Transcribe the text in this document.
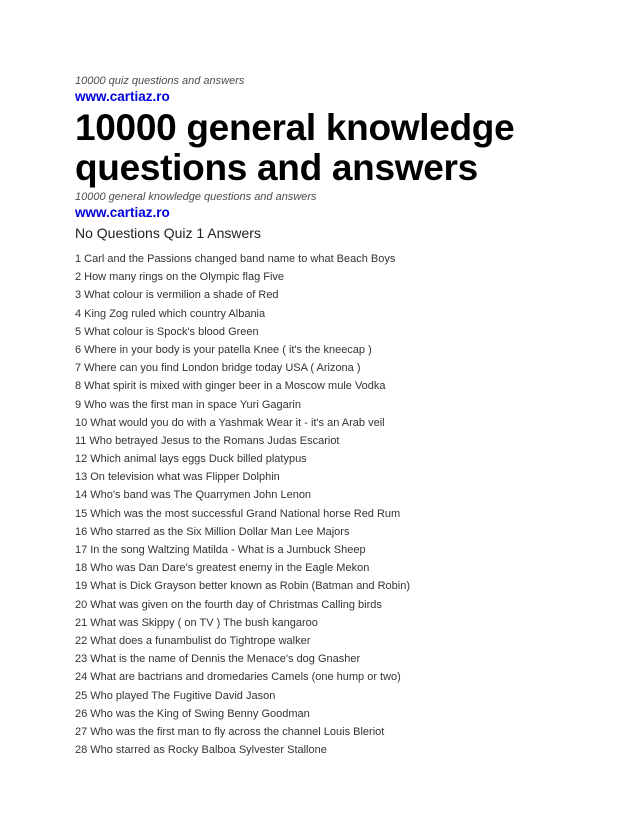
10000 quiz questions and answers
www.cartiaz.ro
10000 general knowledge questions and answers
10000 general knowledge questions and answers
www.cartiaz.ro
No Questions Quiz 1 Answers
1 Carl and the Passions changed band name to what Beach Boys
2 How many rings on the Olympic flag Five
3 What colour is vermilion a shade of Red
4 King Zog ruled which country Albania
5 What colour is Spock's blood Green
6 Where in your body is your patella Knee ( it's the kneecap )
7 Where can you find London bridge today USA ( Arizona )
8 What spirit is mixed with ginger beer in a Moscow mule Vodka
9 Who was the first man in space Yuri Gagarin
10 What would you do with a Yashmak Wear it - it's an Arab veil
11 Who betrayed Jesus to the Romans Judas Escariot
12 Which animal lays eggs Duck billed platypus
13 On television what was Flipper Dolphin
14 Who's band was The Quarrymen John Lenon
15 Which was the most successful Grand National horse Red Rum
16 Who starred as the Six Million Dollar Man Lee Majors
17 In the song Waltzing Matilda - What is a Jumbuck Sheep
18 Who was Dan Dare's greatest enemy in the Eagle Mekon
19 What is Dick Grayson better known as Robin (Batman and Robin)
20 What was given on the fourth day of Christmas Calling birds
21 What was Skippy ( on TV ) The bush kangaroo
22 What does a funambulist do Tightrope walker
23 What is the name of Dennis the Menace's dog Gnasher
24 What are bactrians and dromedaries Camels (one hump or two)
25 Who played The Fugitive David Jason
26 Who was the King of Swing Benny Goodman
27 Who was the first man to fly across the channel Louis Bleriot
28 Who starred as Rocky Balboa Sylvester Stallone
